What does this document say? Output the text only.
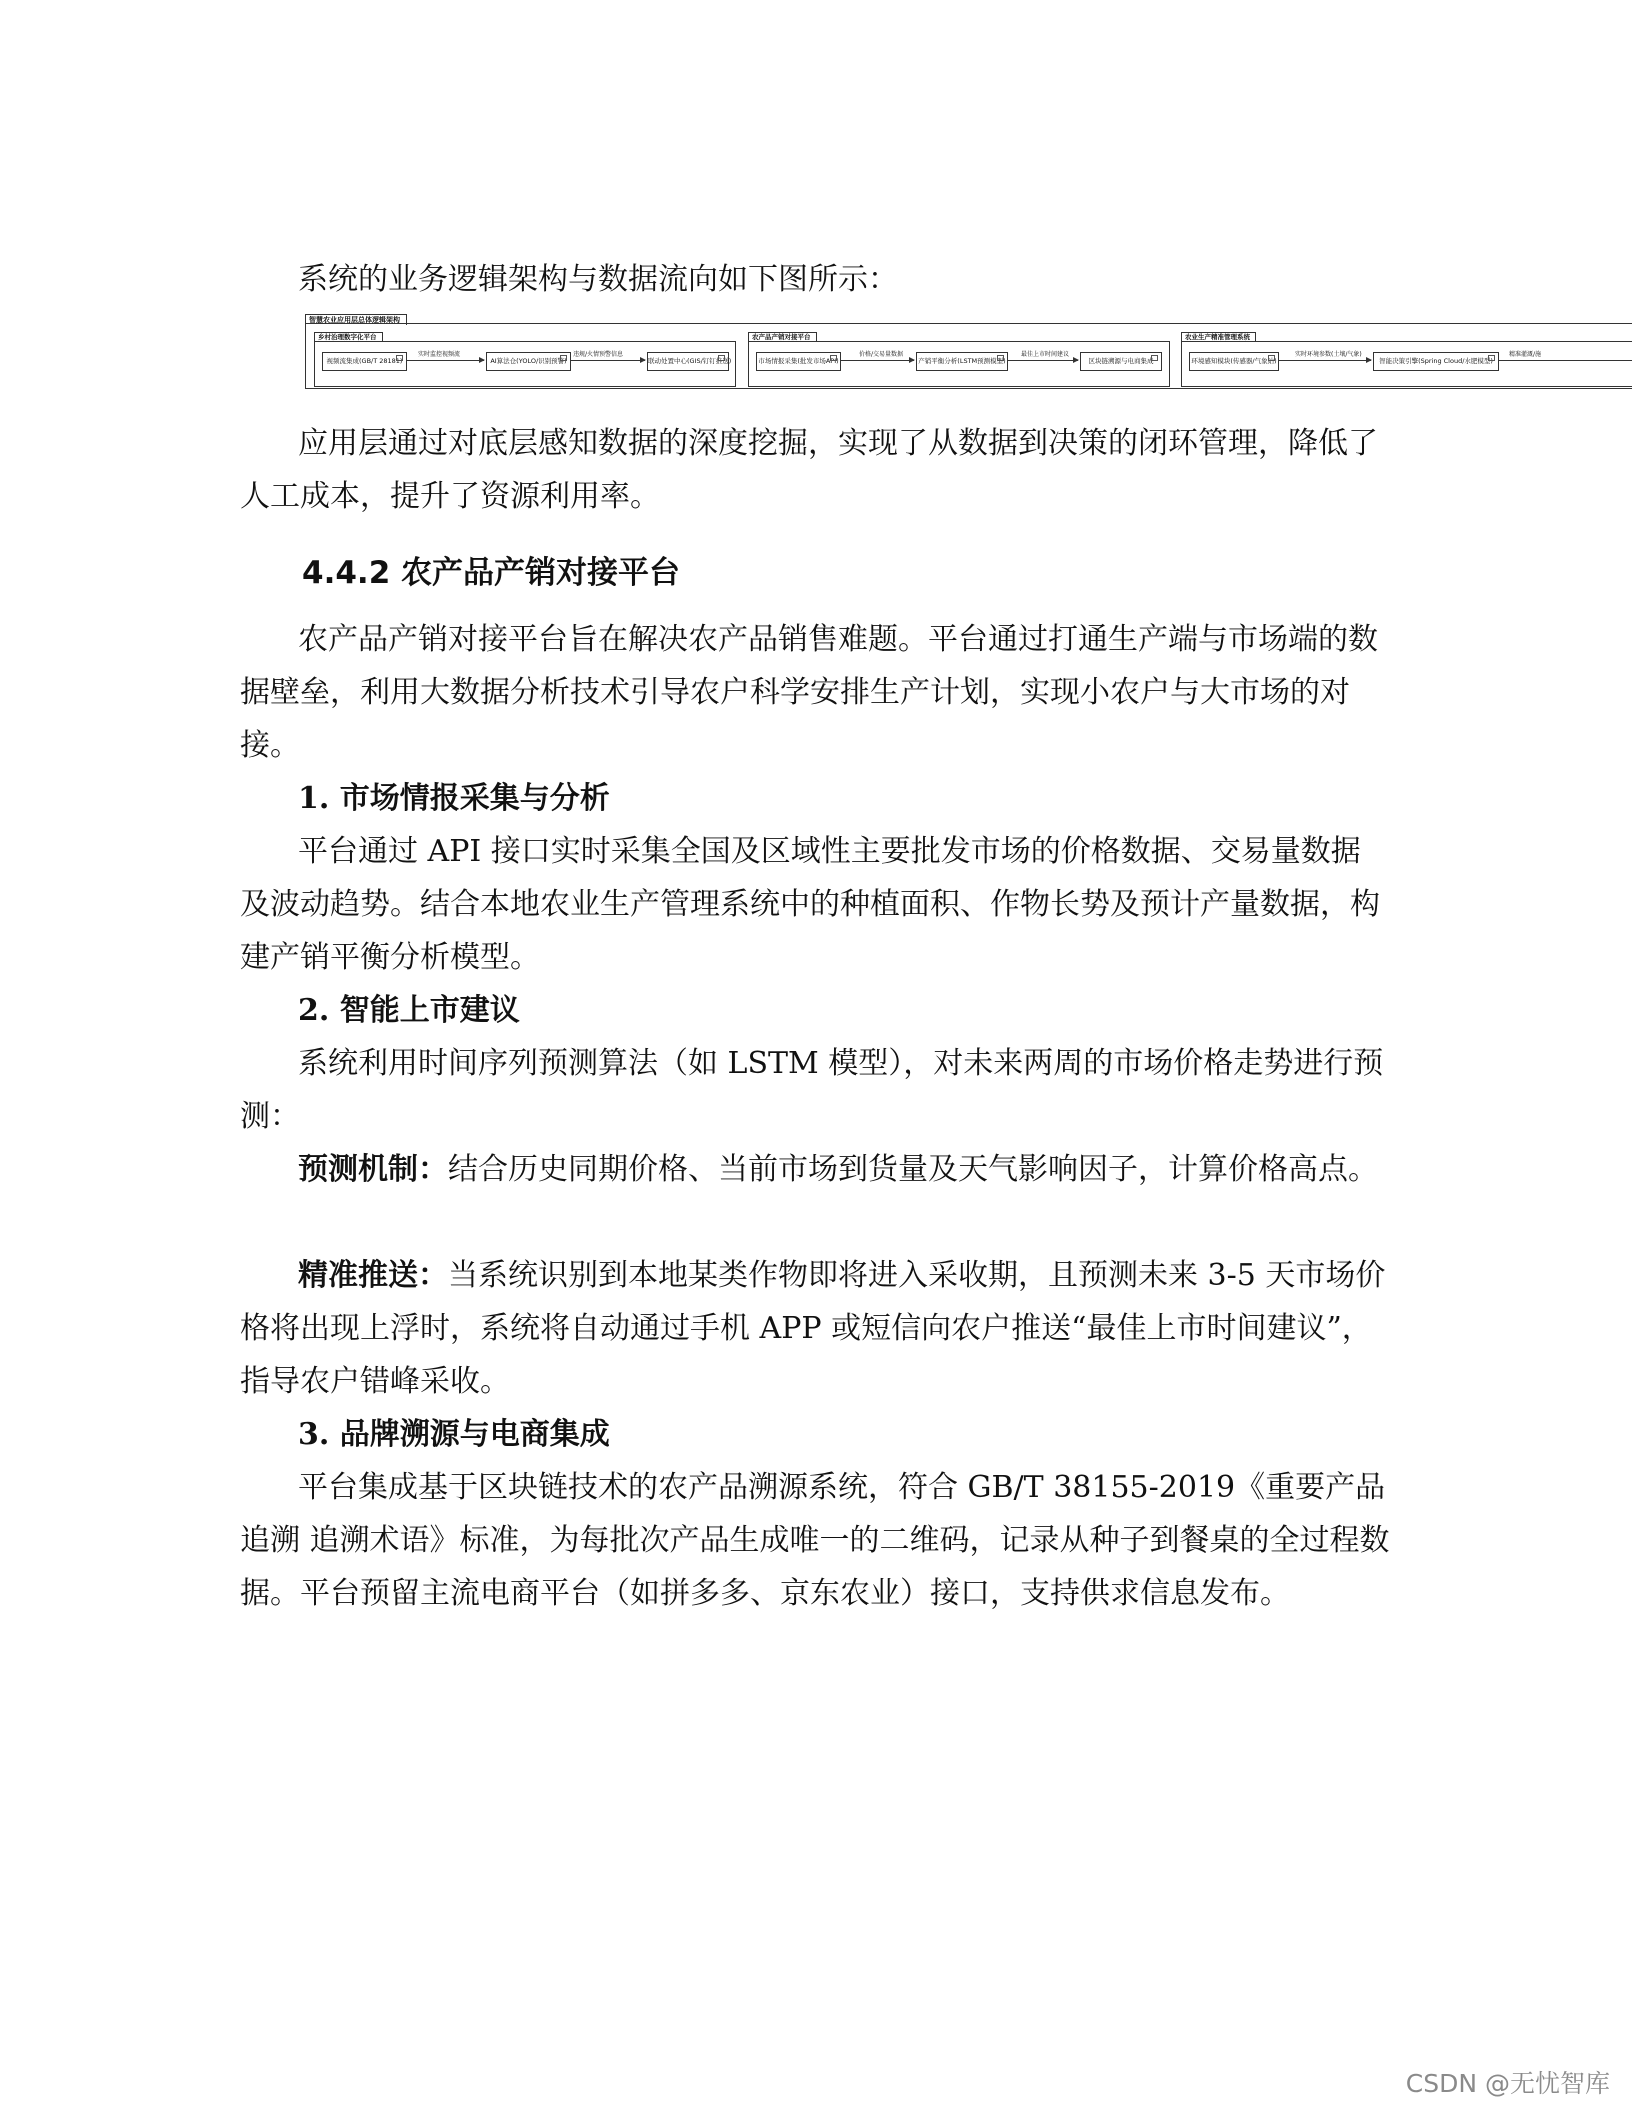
系统的业务逻辑架构与数据流向如下图所示：

智慧农业应用层总体逻辑架构
乡村治理数字化平台
视频流集成(GB/T 28181)
实时监控视频流
AI算法仓(YOLO/识别预警)
违规/火情预警信息
联动处置中心(GIS/钉钉推送)
农产品产销对接平台
市场情报采集(批发市场API)
价格/交易量数据
产销平衡分析(LSTM预测模型)
最佳上市时间建议
区块链溯源与电商集成
农业生产精准管理系统
环境感知模块(传感器/气象站)
实时环境参数(土壤/气象)
智能决策引擎(Spring Cloud/水肥模型)
精准灌溉/施

应用层通过对底层感知数据的深度挖掘，实现了从数据到决策的闭环管理，降低了人工成本，提升了资源利用率。

4.4.2 农产品产销对接平台

农产品产销对接平台旨在解决农产品销售难题。平台通过打通生产端与市场端的数据壁垒，利用大数据分析技术引导农户科学安排生产计划，实现小农户与大市场的对接。

1. 市场情报采集与分析

平台通过 API 接口实时采集全国及区域性主要批发市场的价格数据、交易量数据及波动趋势。结合本地农业生产管理系统中的种植面积、作物长势及预计产量数据，构建产销平衡分析模型。

2. 智能上市建议

系统利用时间序列预测算法（如 LSTM 模型），对未来两周的市场价格走势进行预测：

预测机制：结合历史同期价格、当前市场到货量及天气影响因子，计算价格高点。

精准推送：当系统识别到本地某类作物即将进入采收期，且预测未来 3-5 天市场价格将出现上浮时，系统将自动通过手机 APP 或短信向农户推送“最佳上市时间建议”，指导农户错峰采收。

3. 品牌溯源与电商集成

平台集成基于区块链技术的农产品溯源系统，符合 GB/T 38155-2019《重要产品追溯 追溯术语》标准，为每批次产品生成唯一的二维码，记录从种子到餐桌的全过程数据。平台预留主流电商平台（如拼多多、京东农业）接口，支持供求信息发布。

CSDN @无忧智库
